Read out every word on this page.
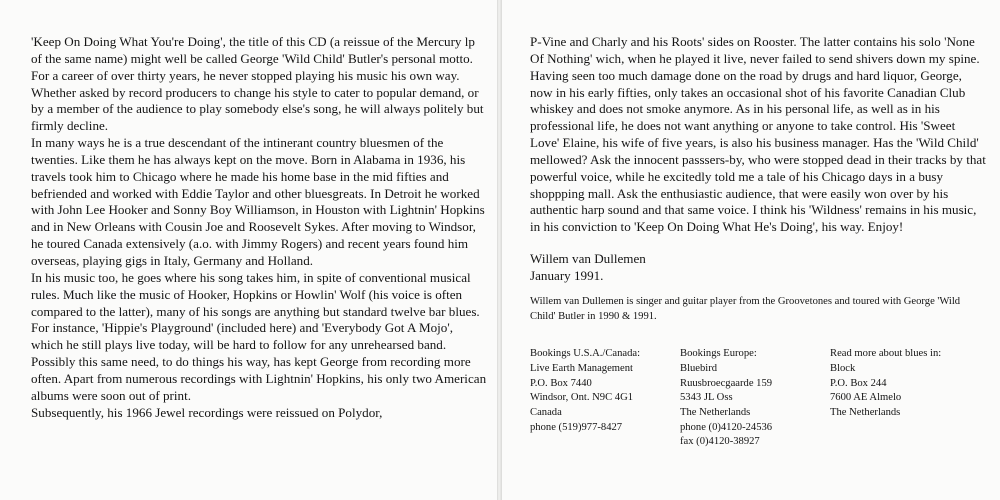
'Keep On Doing What You're Doing', the title of this CD (a reissue of the Mercury lp of the same name) might well be called George 'Wild Child' Butler's personal motto.

For a career of over thirty years, he never stopped playing his music his own way. Whether asked by record producers to change his style to cater to popular demand, or by a member of the audience to play somebody else's song, he will always politely but firmly decline.

In many ways he is a true descendant of the intinerant country bluesmen of the twenties. Like them he has always kept on the move. Born in Alabama in 1936, his travels took him to Chicago where he made his home base in the mid fifties and befriended and worked with Eddie Taylor and other bluesgreats. In Detroit he worked with John Lee Hooker and Sonny Boy Williamson, in Houston with Lightnin' Hopkins and in New Orleans with Cousin Joe and Roosevelt Sykes. After moving to Windsor, he toured Canada extensively (a.o. with Jimmy Rogers) and recent years found him overseas, playing gigs in Italy, Germany and Holland.

In his music too, he goes where his song takes him, in spite of conventional musical rules. Much like the music of Hooker, Hopkins or Howlin' Wolf (his voice is often compared to the latter), many of his songs are anything but standard twelve bar blues. For instance, 'Hippie's Playground' (included here) and 'Everybody Got A Mojo', which he still plays live today, will be hard to follow for any unrehearsed band.

Possibly this same need, to do things his way, has kept George from recording more often. Apart from numerous recordings with Lightnin' Hopkins, his only two American albums were soon out of print.

Subsequently, his 1966 Jewel recordings were reissued on Polydor,

P-Vine and Charly and his Roots' sides on Rooster. The latter contains his solo 'None Of Nothing' wich, when he played it live, never failed to send shivers down my spine.

Having seen too much damage done on the road by drugs and hard liquor, George, now in his early fifties, only takes an occasional shot of his favorite Canadian Club whiskey and does not smoke anymore. As in his personal life, as well as in his professional life, he does not want anything or anyone to take control. His 'Sweet Love' Elaine, his wife of five years, is also his business manager. Has the 'Wild Child' mellowed? Ask the innocent passsers-by, who were stopped dead in their tracks by that powerful voice, while he excitedly told me a tale of his Chicago days in a busy shoppping mall. Ask the enthusiastic audience, that were easily won over by his authentic harp sound and that same voice. I think his 'Wildness' remains in his music, in his conviction to 'Keep On Doing What He's Doing', his way. Enjoy!

Willem van Dullemen
January 1991.

Willem van Dullemen is singer and guitar player from the Groovetones and toured with George 'Wild Child' Butler in 1990 & 1991.

Bookings U.S.A./Canada:
Live Earth Management
P.O. Box 7440
Windsor, Ont. N9C 4G1
Canada
phone (519)977-8427
Bookings Europe:
Bluebird
Ruusbroecgaarde 159
5343 JL Oss
The Netherlands
phone (0)4120-24536
fax (0)4120-38927
Read more about blues in:
Block
P.O. Box 244
7600 AE Almelo
The Netherlands
